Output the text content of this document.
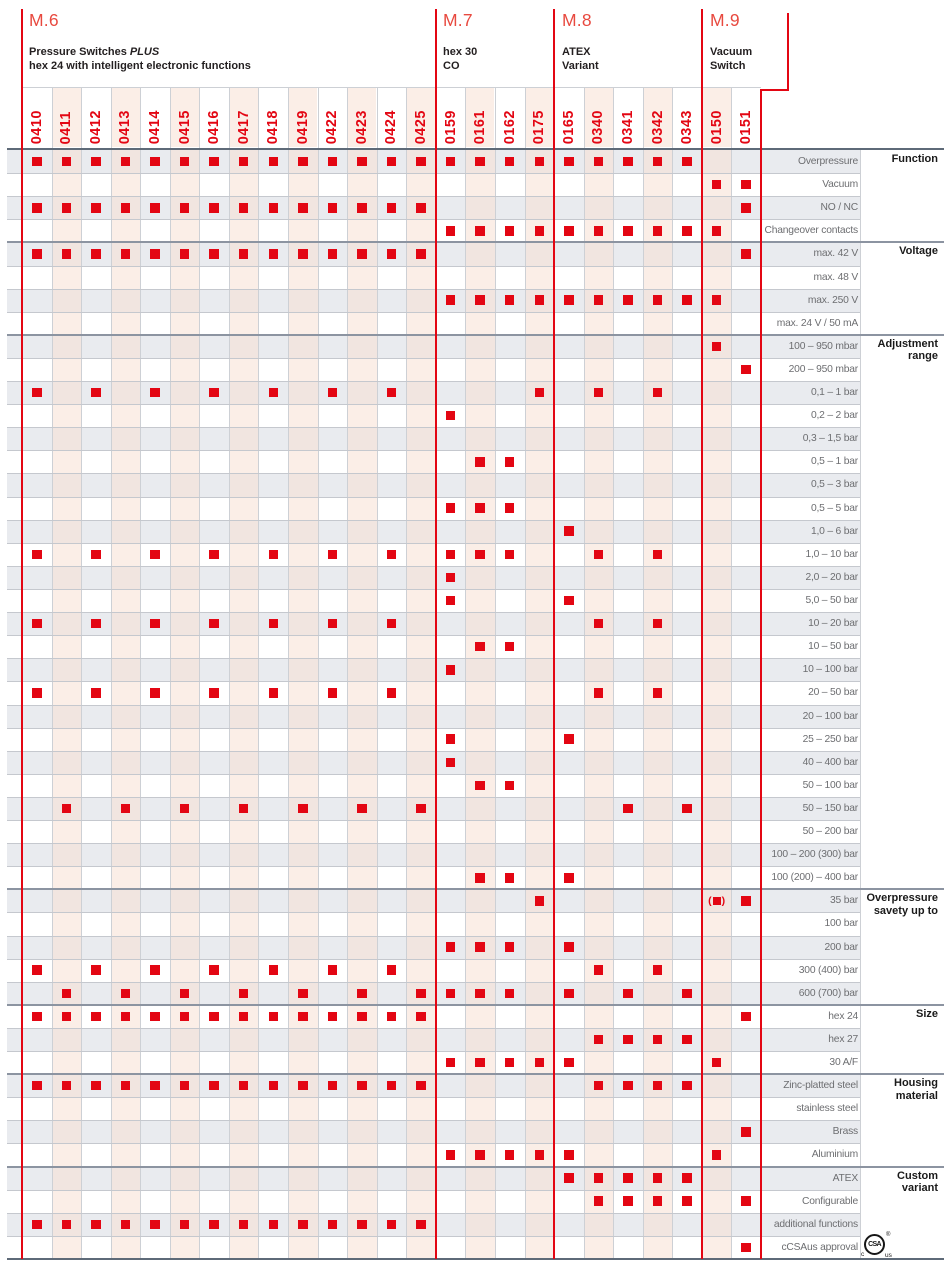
M.6
Pressure Switches PLUS
hex 24 with intelligent electronic functions
M.7
hex 30
CO
M.8
ATEX
Variant
M.9
Vacuum
Switch
0410 0411 0412 0413 0414 0415 0416 0417 0418 0419 0422 0423 0424 0425 0159 0161 0162 0175 0165 0340 0341 0342 0343 0150 0151
( )
Overpressure
Vacuum
NO / NC
Changeover contacts
max. 42 V
max. 48 V
max. 250 V
max. 24 V / 50 mA
100 – 950 mbar
200 – 950 mbar
0,1 – 1 bar
0,2 – 2 bar
0,3 – 1,5 bar
0,5 – 1 bar
0,5 – 3 bar
0,5 – 5 bar
1,0 – 6 bar
1,0 – 10 bar
2,0 – 20 bar
5,0 – 50 bar
10 – 20 bar
10 – 50 bar
10 – 100 bar
20 – 50 bar
20 – 100 bar
25 – 250 bar
40 – 400 bar
50 – 100 bar
50 – 150 bar
50 – 200 bar
100 – 200 (300) bar
100 (200) – 400 bar
35 bar
100 bar
200 bar
300 (400) bar
600 (700) bar
hex 24
hex 27
30 A/F
Zinc-platted steel
stainless steel
Brass
Aluminium
ATEX
Configurable
additional functions
cCSAus approval
Function
Voltage
Adjustment range
Overpressure savety up to
Size
Housing material
Custom variant
CSA
c	us
®
